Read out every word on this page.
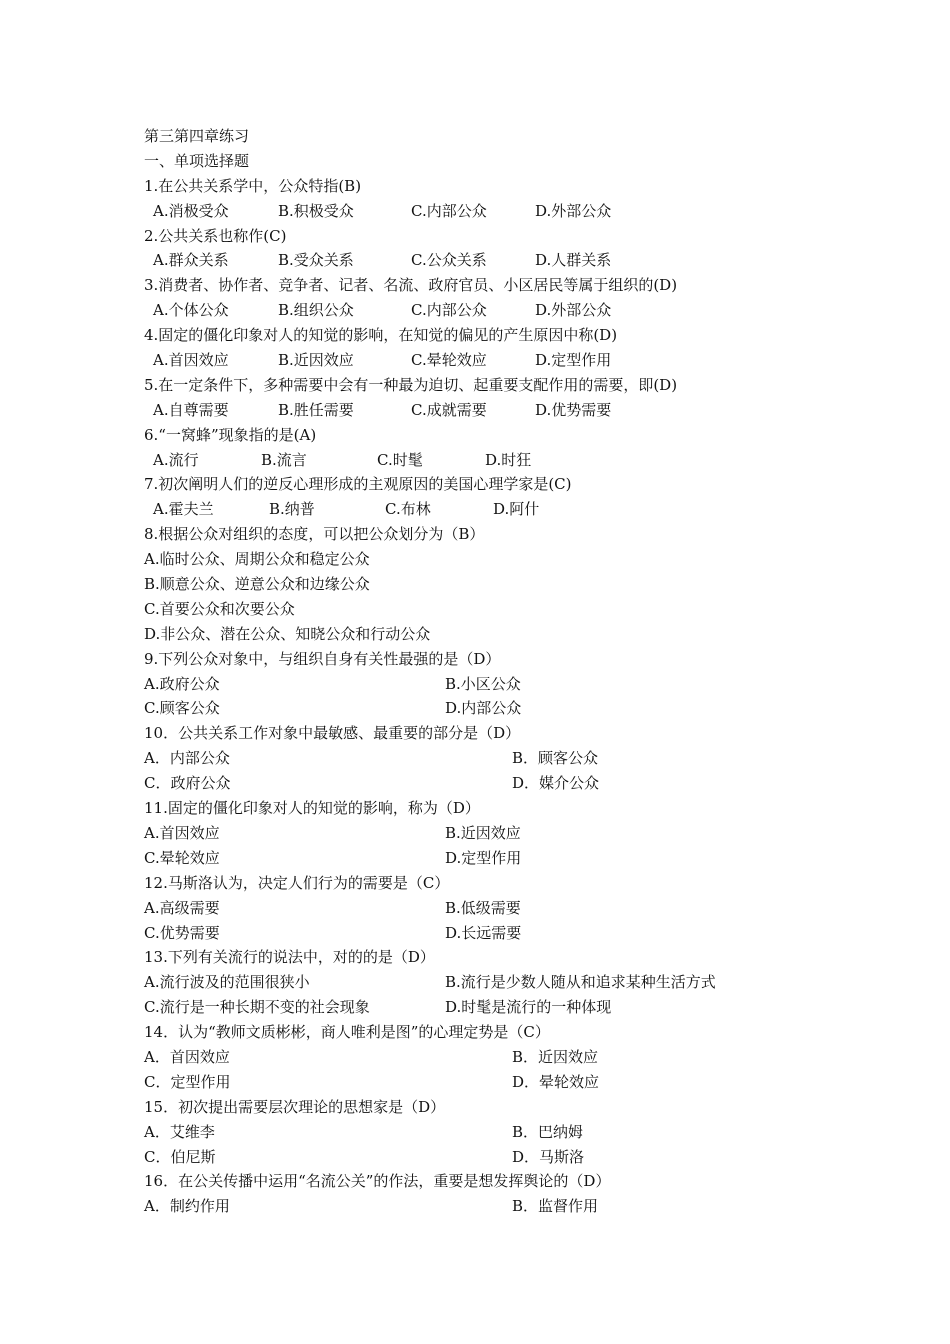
第三第四章练习
一、单项选择题
1.在公共关系学中，公众特指(B)
A.消极受众	B.积极受众	C.内部公众	D.外部公众
2.公共关系也称作(C)
A.群众关系	B.受众关系	C.公众关系	D.人群关系
3.消费者、协作者、竞争者、记者、名流、政府官员、小区居民等属于组织的(D)
A.个体公众	B.组织公众	C.内部公众	D.外部公众
4.固定的僵化印象对人的知觉的影响，在知觉的偏见的产生原因中称(D)
A.首因效应	B.近因效应	C.晕轮效应	D.定型作用
5.在一定条件下，多种需要中会有一种最为迫切、起重要支配作用的需要，即(D)
A.自尊需要	B.胜任需要	C.成就需要	D.优势需要
6.“一窝蜂”现象指的是(A)
A.流行	B.流言	C.时髦	D.时狂
7.初次阐明人们的逆反心理形成的主观原因的美国心理学家是(C)
A.霍夫兰	B.纳普	C.布林	D.阿什
8.根据公众对组织的态度，可以把公众划分为（B）
A.临时公众、周期公众和稳定公众
B.顺意公众、逆意公众和边缘公众
C.首要公众和次要公众
D.非公众、潜在公众、知晓公众和行动公众
9.下列公众对象中，与组织自身有关性最强的是（D）
A.政府公众	B.小区公众
C.顾客公众	D.内部公众
10．公共关系工作对象中最敏感、最重要的部分是（D）
A．内部公众	B．顾客公众
C．政府公众	D．媒介公众
11.固定的僵化印象对人的知觉的影响，称为（D）
A.首因效应	B.近因效应
C.晕轮效应	D.定型作用
12.马斯洛认为，决定人们行为的需要是（C）
A.高级需要	B.低级需要
C.优势需要	D.长远需要
13.下列有关流行的说法中，对的的是（D）
A.流行波及的范围很狭小	B.流行是少数人随从和追求某种生活方式
C.流行是一种长期不变的社会现象	D.时髦是流行的一种体现
14．认为“教师文质彬彬，商人唯利是图”的心理定势是（C）
A．首因效应	B．近因效应
C．定型作用	D．晕轮效应
15．初次提出需要层次理论的思想家是（D）
A．艾维李	B．巴纳姆
C．伯尼斯	D．马斯洛
16．在公关传播中运用“名流公关”的作法，重要是想发挥舆论的（D）
A．制约作用	B．监督作用
